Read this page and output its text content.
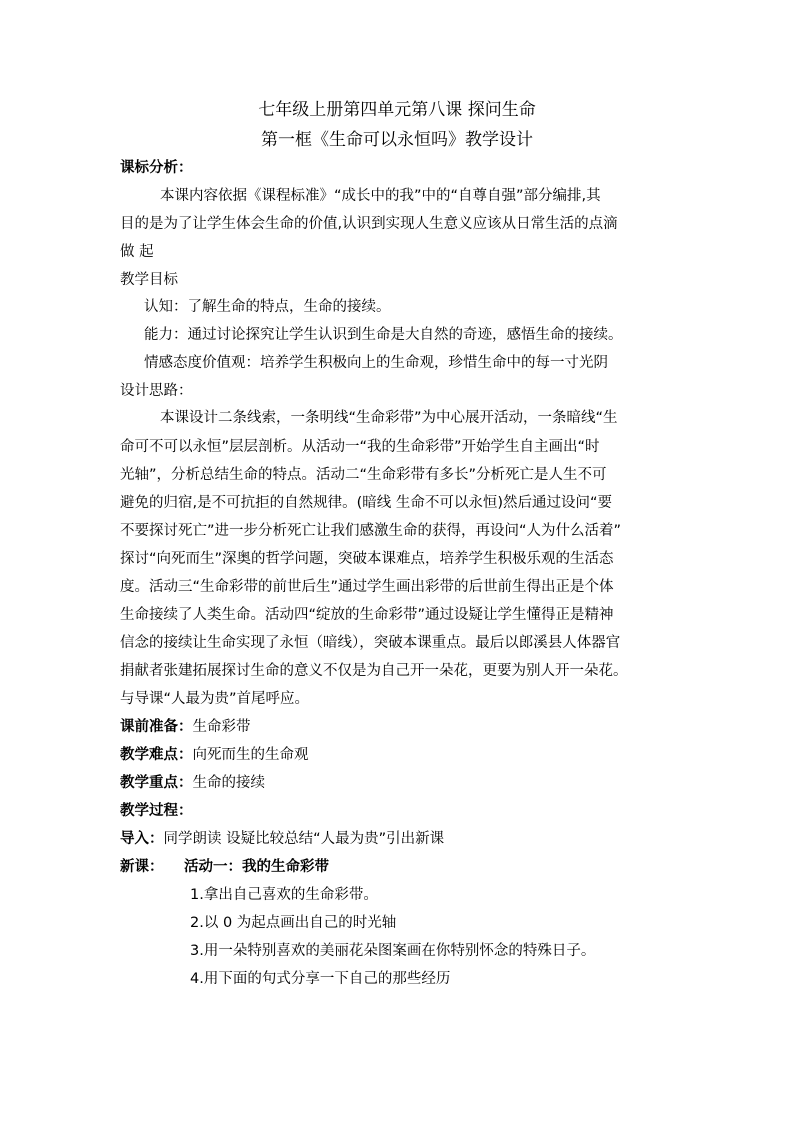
七年级上册第四单元第八课 探问生命
第一框《生命可以永恒吗》教学设计
课标分析：
本课内容依据《课程标准》“成长中的我”中的“自尊自强”部分编排,其
目的是为了让学生体会生命的价值,认识到实现人生意义应该从日常生活的点滴
做 起
教学目标
认知：了解生命的特点，生命的接续。
能力：通过讨论探究让学生认识到生命是大自然的奇迹，感悟生命的接续。
情感态度价值观：培养学生积极向上的生命观，珍惜生命中的每一寸光阴
设计思路：
本课设计二条线索，一条明线“生命彩带”为中心展开活动，一条暗线“生
命可不可以永恒”层层剖析。从活动一“我的生命彩带”开始学生自主画出“时
光轴”，分析总结生命的特点。活动二“生命彩带有多长”分析死亡是人生不可
避免的归宿,是不可抗拒的自然规律。(暗线 生命不可以永恒)然后通过设问“要
不要探讨死亡”进一步分析死亡让我们感激生命的获得，再设问“人为什么活着”
探讨“向死而生”深奥的哲学问题，突破本课难点，培养学生积极乐观的生活态
度。活动三“生命彩带的前世后生”通过学生画出彩带的后世前生得出正是个体
生命接续了人类生命。活动四“绽放的生命彩带”通过设疑让学生懂得正是精神
信念的接续让生命实现了永恒（暗线），突破本课重点。最后以郎溪县人体器官
捐献者张建拓展探讨生命的意义不仅是为自己开一朵花，更要为别人开一朵花。
与导课“人最为贵”首尾呼应。
课前准备：生命彩带
教学难点：向死而生的生命观
教学重点：生命的接续
教学过程：
导入：同学朗读 设疑比较总结“人最为贵”引出新课
新课： 活动一：我的生命彩带
1.拿出自己喜欢的生命彩带。
2.以 0 为起点画出自己的时光轴
3.用一朵特别喜欢的美丽花朵图案画在你特别怀念的特殊日子。
4.用下面的句式分享一下自己的那些经历
